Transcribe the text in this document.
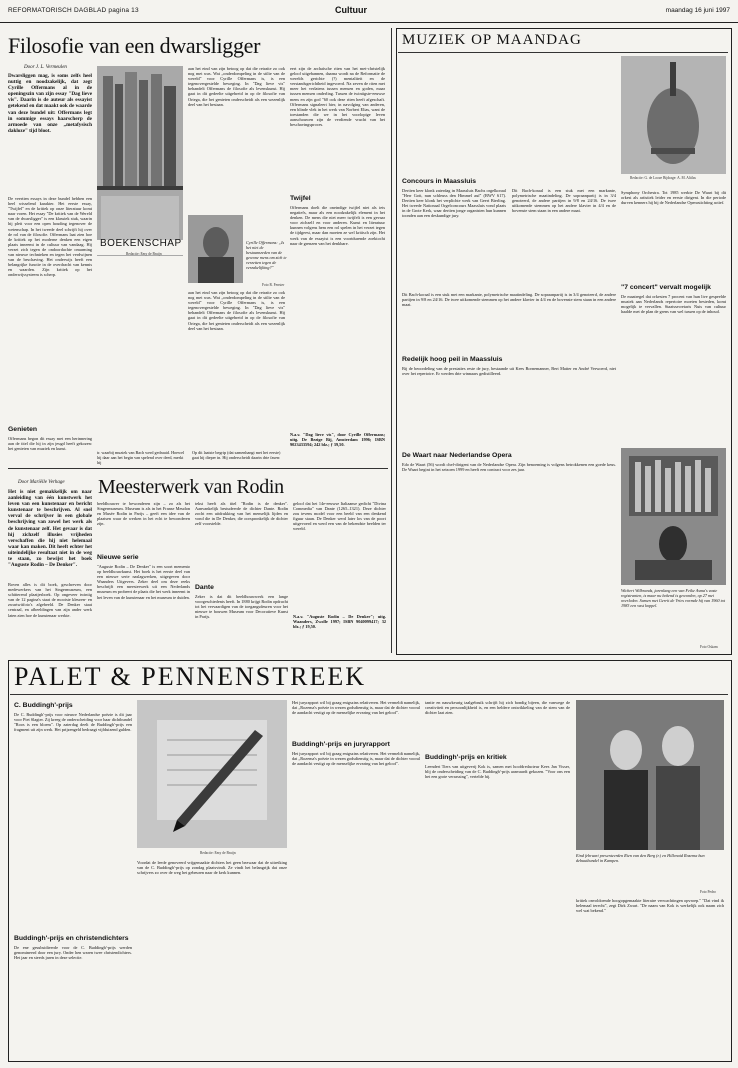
REFORMATORISCH DAGBLAD pagina 13	Cultuur	maandag 16 juni 1997
Filosofie van een dwarsligger
Door J. L. Vermeulen
Dwarsliggen mag, is soms zelfs heel nuttig en noodzakelijk, dat zegt Cyrille Offermans al in de openingszin van zijn essay "Dag lieve vis". Daarin is de auteur als essayist getekend en dat maakt ook de waarde van deze bundel uit: Offermans legt in sommige essays haarscherp de armoede van onze „metafysisch daklozе" tijd bloot.
De veertien essays in deze bundel hebben een heel wisselend karakter. Het eerste essay, "Twijfel" en de kritiek op onze literatuur komt naar voren. Het essay "De kritiek van de Wereld van de dwarsligger" is een klassiek stuk, waarin hij pleit voor een open houding tegenover de wetenschap. In het tweede deel schrijft hij over de rol van de filosofie. Offermans laat zien hoe de kritiek op het moderne denken een eigen plaats inneemt in de cultuur van vandaag. Hij verzet zich tegen de ondoordachte omarming van nieuwe technieken en tegen het verdwijnen van de beschaving. Het onderwijs heeft een belangrijke functie in de overdracht van kennis en waarden. Zijn kritiek op het onderwijssysteem is scherp.
Genieten
Offermans begon dit essay met een herinnering aan de titel die hij in zijn jeugd heeft gekozen: het genieten van muziek en kunst.
BOEKENSCHAP
Redactie: Emy de Bruijn
aan het eind van zijn betoog op dat die retraite zo ook nog met was. Wat „onderdompeling in de stilte van de wereld" voor Cyrille Offermans is, is een tegenovergestelde beweging. In "Dag lieve vis" behandelt Offermans de filosofie als levenskunst. Hij gaat in dit gedeelte uitgebreid in op de filosofie van Ortega, die het genieten onderscheidt als een wezenlijk deel van het bestaan.
Cyrille Offermans: „Is het niet de bestaansreden van de gewone mens om zich te verzetten tegen de verzakelijking?"
Foto R. Fenster
aan het eind van zijn betoog op dat die retraite zo ook nog met was. Wat „onderdompeling in de stilte van de wereld" voor Cyrille Offermans is, is een tegenovergestelde beweging. In "Dag lieve vis" behandelt Offermans de filosofie als levenskunst. Hij gaat in dit gedeelte uitgebreid in op de filosofie van Ortega, die het genieten onderscheidt als een wezenlijk deel van het bestaan.
eert zijn de archaïsche riten van het met-christelijk geloof uitgebannen, daarna wordt na de Reformatie de werelds gerichte (?) mentaliteit en de verstandsgerichtheid ingevoerd. Na zeven de riten met meer het verlatens tussen mensen en goden, maar tussen mensen onderling. Tussen de twintigste-eeuwse mens en zijn god "60 ook deze riten heeft afgeschaft. Offermans signaleert hier, in navolging van anderen, een blinde vlek in het werk van Norbert Elias, want de toestanden die we in het voorlopige leven aanschouwen zijn de verdiende vrucht van het beschavingsproces.
Twijfel
Offermans doelt die oneindige twijfel niet als iets negatiefs, maar als een noodzakelijk element in het denken. De mens die niet meer twijfelt is een gevaar voor zichzelf en voor anderen. Kunst en literatuur kunnen volgens hem een rol spelen in het verzet tegen de tijdgeest, maar dan moeten ze wel kritisch zijn. Het werk van de essayist is een voortdurende zoektocht naar de grenzen van het denkbare.
N.a.v. "Dag lieve vis", door Cyrille Offermans; uitg. De Bezige Bij, Amsterdam 1996; ISBN 9023433594; 242 blz.; ƒ 39,50.
tr. waarbij muziek van Bach werd gedraaid. Hoewel hij daar aan het begin van spelend over deed, merkt hij
Op dit laatste begrip (dat samenhangt met het eerste) gaat hij dieper in. Hij onderscheidt daarin drie fasen:
Meesterwerk van Rodin
Door Mariëlle Verhage
Het is niet gemakkelijk om naar aanleiding van één kunstwerk het leven van een kunstenaar en bericht kunstenaar te beschrijven. Al snel verval de schrijver in een globale beschrijving van zowel het werk als de kunstenaar zelf. Het gevaar is dat hij zichzelf illusies vrijheden verschaffen die hij niet helemaal waar kan maken. Dit heeft echter het uiteindelijke resultaat niet in de weg te staan, zo bewijst het boek "Auguste Rodin – De Denker".
Boven alles is dit boek, geschreven door medewerkers van het Singermuseum, een schitterend plaatjesboek. Op ongeveer twintig van de 12 pagina's staat de mooiste kleuren- en zwartwitfoto's afgebeeld. De Denker staat centraal, en afbeeldingen van zijn ander werk laten zien hoe de kunstenaar werkte.
beeldhouwer te bewonderen zijn – zo als het Singermuseum. Museum is als in het Franse Meudon en Musée Rodin in Parijs – geeft een idee van de plaatsen waar de werken in het echt te bewonderen zijn.
Nieuwe serie
"Auguste Rodin – De Denker" is een soort memento op beeldhouwkunst. Het boek is het eerste deel van een nieuwe serie naslagwerken, uitgegeven door Waanders Uitgevers. Zeker deel om deze reeks beschrijft een meesterwerk uit een Nederlands museum en probeert de plaats die het werk inneemt in het leven van de kunstenaar en het museum te duiden.
tekst heeft als titel "Rodin is de denker". Aanvankelijk bestudeerde de dichter Dante. Rodin zocht een uitdrukking van het menselijk lijden en vond die in De Denker, die oorspronkelijk de dichter zelf voorstelde.
Dante
Zeker is dat dit beeldhouwwerk een lange voorgeschiedenis heeft. In 1880 krijgt Rodin opdracht tot het vervaardigen van de toegangsdeuren voor het nieuwe te bouwen Museum voor Decoratieve Kunst in Parijs.
geloof dat het 14e-eeuwse Italiaanse gedicht "Divina Commedia" van Dante (1265–1321). Deze dichter zou tevens model voor een beeld van een denkend figuur staan. De Denker werd later los van de poort uitgevoerd en werd een van de bekendste beelden ter wereld.
N.a.v. "Auguste Rodin – De Denker"; uitg. Waanders, Zwolle 1997; ISBN 9040099417; 32 blz.; ƒ 19,50.
MUZIEK OP MAANDAG
Redactie: G. de Looze Bijdrage: A. M. Altilas
Concours in Maassluis
Dertien keer klonk zaterdag in Maassluis Bachs orgelkoraal "Herr Gott, nun schleuss den Himmel auf" (BWV 617). Dertien keer klonk het verplichte werk van Geert Bierling. Het tweede Nationaal Orgelconcours Maassluis vond plaats in de Grote Kerk, waar dertien jonge organisten hun kunnen toonden aan een deskundige jury.
Dit Bach-koraal is een stuk met een markante, polymetrische maatindeling. De sopraanpartij is in 3/4 genoteerd, de andere partijen in 9/8 en 24/16. De twee uitkomende stemmen op het andere klavier in 4/4 en de bovenste stem staan in een andere maat.
Dit Bach-koraal is een stuk met een markante, polymetrische maatindeling. De sopraanpartij is in 3/4 genoteerd, de andere partijen in 9/8 en 24/16. De twee uitkomende stemmen op het andere klavier in 4/4 en de bovenste stem staan in een andere maat.
Redelijk hoog peil in Maassluis
Bij de beoordeling van de prestaties reste de jury, bestaande uit Kees Bornemanner, Bert Matter en André Verwoerd, niet over het repertoire. Er werden drie winnaars gedistilleerd.
De Waart naar Nederlandse Opera
Edo de Waart (56) wordt chef-dirigent van de Nederlandse Opera. Zijn benoeming is volgens betrokkenen een goede keus. De Waart begint in het seizoen 1999 en heeft een contract voor zes jaar.
Symphony Orchestra. Tot 1985 werkte De Waart bij dit orkest als artistiek leider en eerste dirigent. In die periode durven kenners hij bij de Nederlandse Operastichting actief.
"7 concert" vervalt mogelijk
De maatregel dat orkesten 7 procent van hun live gespeelde muziek aan Nederlands repertoire moeten besteden, komt mogelijk te vervallen. Staatssecretaris Nuis van cultuur haalde met de plan de grens van wel tussen op de inhoud.
Wichert Wilbrands, jarenlang een van Feike Asma's vaste registranten, is maar nu bekend is geworden, op 27 mei overleden. Samen met Gerrit de Vries vormde hij van 1960 tot 1983 een vast koppel.
Foto Oskam
PALET & PENNENSTREEK
C. Buddingh'-prijs
De C. Buddingh'-prijs voor nieuwe Nederlandse poëzie is dit jaar voor Piet Slagter. Zij kreeg de onderscheiding voor haar dichtbundel "Roos is een bloem". Op zaterdag deelt de Buddingh'-prijs een fragment uit zijn werk. Het prijzengeld bedraagt vijfduizend gulden.
Buddingh'-prijs en christendichters
De ene gesubsidieerde voor de C. Buddingh'-prijs werden genomineerd door een jury. Onder hen waren twee christendichters. Het jaar en steeds jaren in deze selectie.
Redactie: Emy de Bruijn
Voordat de leede genoveerd vrijgemaakte dichters het geen bezwaar dat de uitreiking van de C. Buddingh'-prijs op zondag plaatsvindt. Ze vindt het belangrijk dat onze schrijvers zo over de weg het gebeuren naar de kerk kunnen.
Het juryrapport wil bij graag enigszins relativeren. Het vermeldt namelijk, dat „Rozema's poëzie in wezen godsdienstig is, maar dat de dichter vooral de aandacht vestigt op de menselijke ervaring van het geloof".
Buddingh'-prijs en juryrapport
Het juryrapport wil bij graag enigszins relativeren. Het vermeldt namelijk, dat „Rozema's poëzie in wezen godsdienstig is, maar dat de dichter vooral de aandacht vestigt op de menselijke ervaring van het geloof".
tantie en nauwkeurig taalgebruik schrijft hij zich bondig bijeen, die vanwege de creativiteit en persoonlijkheid is, en een heldere ontwikkeling van de stem van de dichter laat zien.
Buddingh'-prijs en kritiek
Leendert Tiers van uitgeverij Kok is, samen met hoofdredacteur Kees Jan Visser, blij de onderscheiding van de C. Buddingh'-prijs aanvaardt gekozen. "Voor ons een het een grote verrassing", vertelde hij.
Eind februari presenteerden Rien van den Berg (r.) en Hillenaid Rozema hun debuutbundel in Kampen.
Foto Pedro
kritiek onvoldoende hoogopgemaakte literaire verwachtingen opvroep." "Dat vind ik helemaal terecht", zegt Dirk Zwart. "De naam van Kok is werkelijk ook naam zich wel wat bekend."
